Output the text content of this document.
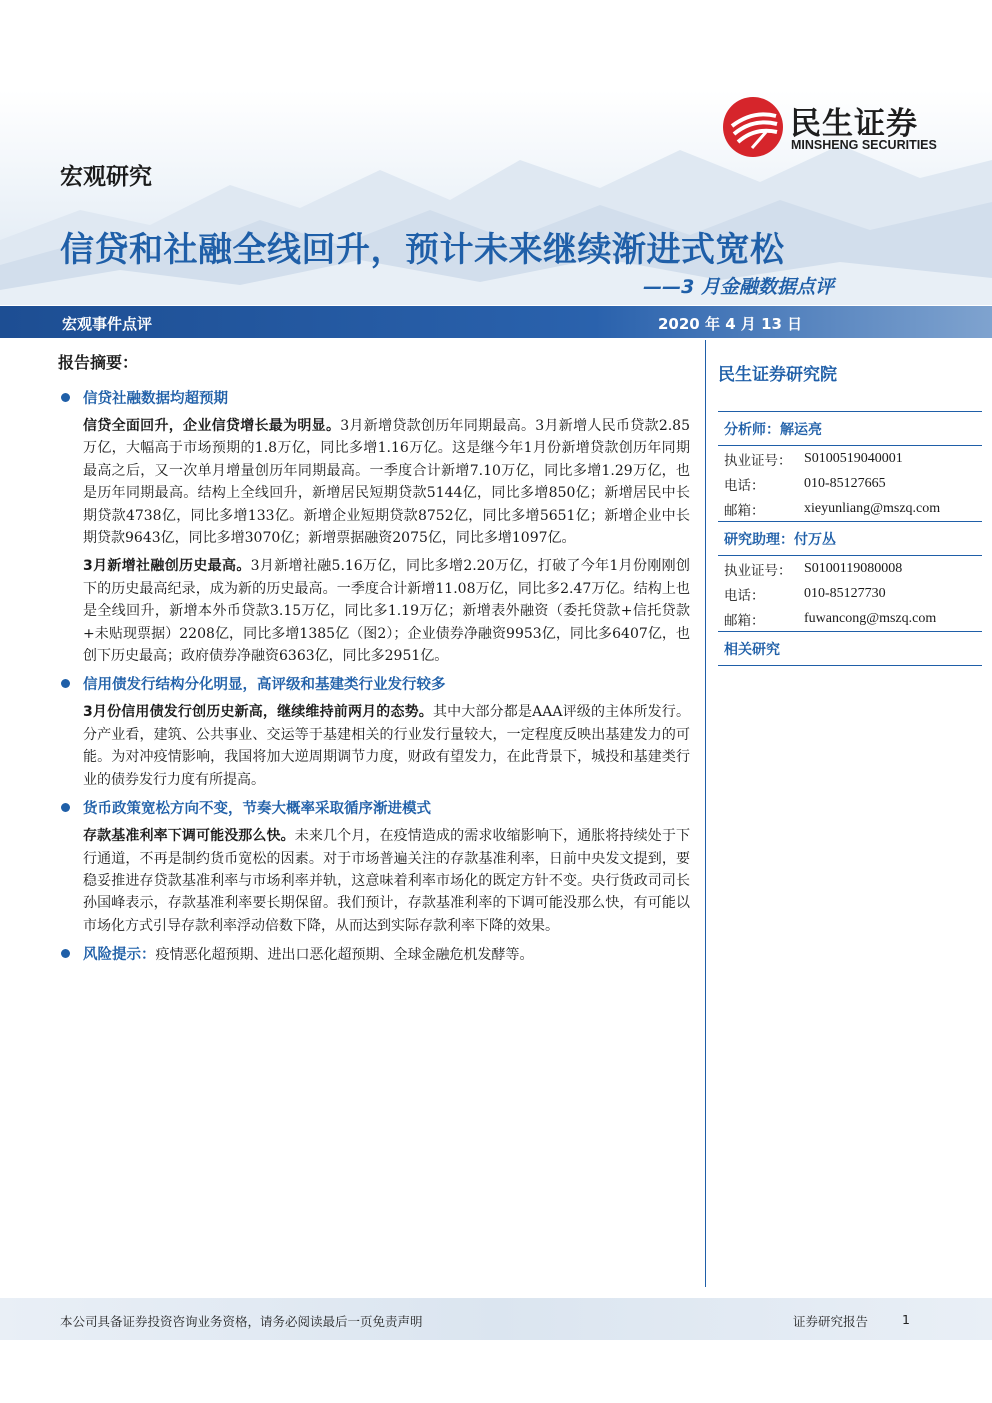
民生证券
MINSHENG SECURITIES
宏观研究
信贷和社融全线回升，预计未来继续渐进式宽松
——3 月金融数据点评
宏观事件点评	2020 年 4 月 13 日
报告摘要：
信贷社融数据均超预期

信贷全面回升，企业信贷增长最为明显。3月新增贷款创历年同期最高。3月新增人民币贷款2.85万亿，大幅高于市场预期的1.8万亿，同比多增1.16万亿。这是继今年1月份新增贷款创历年同期最高之后，又一次单月增量创历年同期最高。一季度合计新增7.10万亿，同比多增1.29万亿，也是历年同期最高。结构上全线回升，新增居民短期贷款5144亿，同比多增850亿；新增居民中长期贷款4738亿，同比多增133亿。新增企业短期贷款8752亿，同比多增5651亿；新增企业中长期贷款9643亿，同比多增3070亿；新增票据融资2075亿，同比多增1097亿。

3月新增社融创历史最高。3月新增社融5.16万亿，同比多增2.20万亿，打破了今年1月份刚刚创下的历史最高纪录，成为新的历史最高。一季度合计新增11.08万亿，同比多2.47万亿。结构上也是全线回升，新增本外币贷款3.15万亿，同比多1.19万亿；新增表外融资（委托贷款+信托贷款+未贴现票据）2208亿，同比多增1385亿（图2）；企业债券净融资9953亿，同比多6407亿，也创下历史最高；政府债券净融资6363亿，同比多2951亿。

信用债发行结构分化明显，高评级和基建类行业发行较多

3月份信用债发行创历史新高，继续维持前两月的态势。其中大部分都是AAA评级的主体所发行。分产业看，建筑、公共事业、交运等于基建相关的行业发行量较大，一定程度反映出基建发力的可能。为对冲疫情影响，我国将加大逆周期调节力度，财政有望发力，在此背景下，城投和基建类行业的债券发行力度有所提高。

货币政策宽松方向不变，节奏大概率采取循序渐进模式

存款基准利率下调可能没那么快。未来几个月，在疫情造成的需求收缩影响下，通胀将持续处于下行通道，不再是制约货币宽松的因素。对于市场普遍关注的存款基准利率，日前中央发文提到，要稳妥推进存贷款基准利率与市场利率并轨，这意味着利率市场化的既定方针不变。央行货政司司长孙国峰表示，存款基准利率要长期保留。我们预计，存款基准利率的下调可能没那么快，有可能以市场化方式引导存款利率浮动倍数下降，从而达到实际存款利率下降的效果。

风险提示： 疫情恶化超预期、进出口恶化超预期、全球金融危机发酵等。
民生证券研究院
分析师：解运亮
执业证号： S0100519040001
电话：	010-85127665
邮箱：	xieyunliang@mszq.com
研究助理：付万丛
执业证号： S0100119080008
电话：	010-85127730
邮箱：	fuwancong@mszq.com
相关研究
本公司具备证券投资咨询业务资格，请务必阅读最后一页免责声明	证券研究报告	1
